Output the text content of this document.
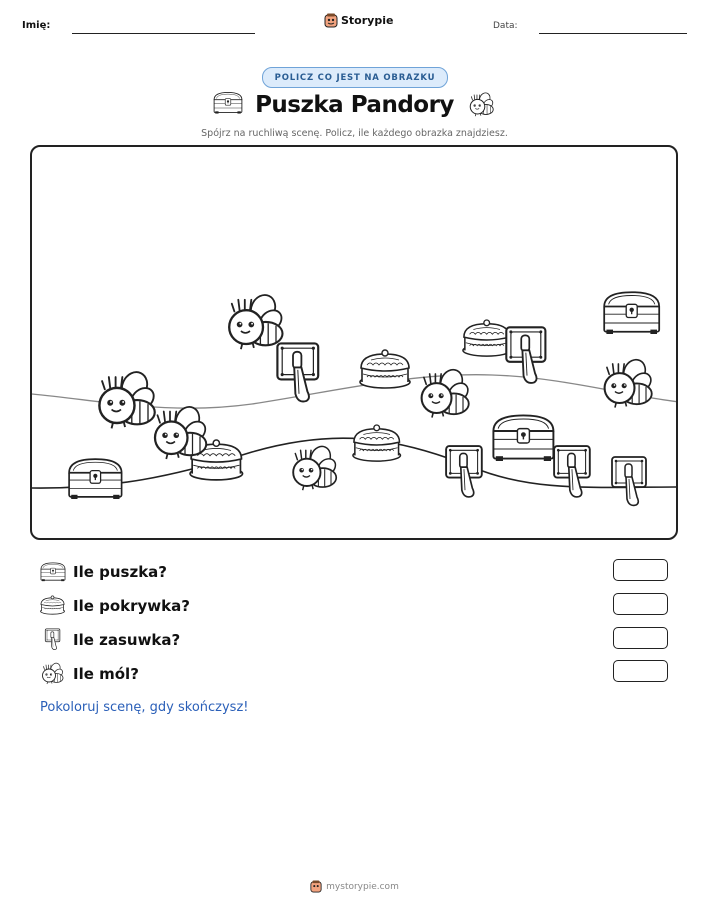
Imię:	Storypie	Data:
POLICZ CO JEST NA OBRAZKU
Puszka Pandory
Spójrz na ruchliwą scenę. Policz, ile każdego obrazka znajdziesz.
Ile puszka?
Ile pokrywka?
Ile zasuwka?
Ile mól?
Pokoloruj scenę, gdy skończysz!
mystorypie.com
